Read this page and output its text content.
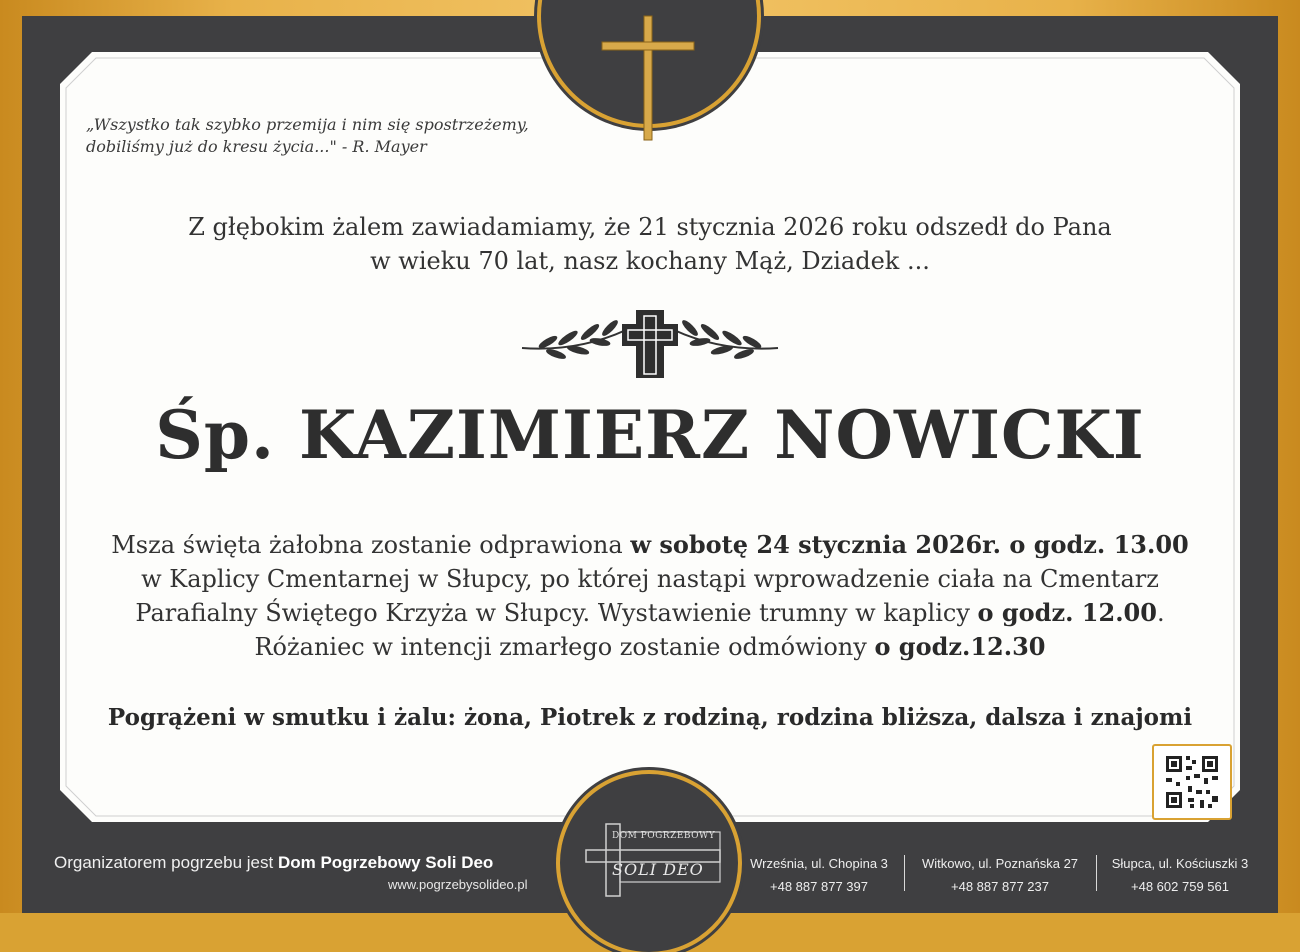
„Wszystko tak szybko przemija i nim się spostrzeżemy,
dobiliśmy już do kresu życia..." - R. Mayer
Z głębokim żalem zawiadamiamy, że 21 stycznia 2026 roku odszedł do Pana
w wieku 70 lat, nasz kochany Mąż, Dziadek ...
Śp. KAZIMIERZ NOWICKI
Msza święta żałobna zostanie odprawiona w sobotę 24 stycznia 2026r. o godz. 13.00
w Kaplicy Cmentarnej w Słupcy, po której nastąpi wprowadzenie ciała na Cmentarz
Parafialny Świętego Krzyża w Słupcy. Wystawienie trumny w kaplicy o godz. 12.00.
Różaniec w intencji zmarłego zostanie odmówiony o godz.12.30
Pogrążeni w smutku i żalu: żona, Piotrek z rodziną, rodzina bliższa, dalsza i znajomi
DOM POGRZEBOWY
SOLI DEO
Organizatorem pogrzebu jest Dom Pogrzebowy Soli Deo
www.pogrzebysolideo.pl
Września, ul. Chopina 3
+48 887 877 397
Witkowo, ul. Poznańska 27
+48 887 877 237
Słupca, ul. Kościuszki 3
+48 602 759 561
